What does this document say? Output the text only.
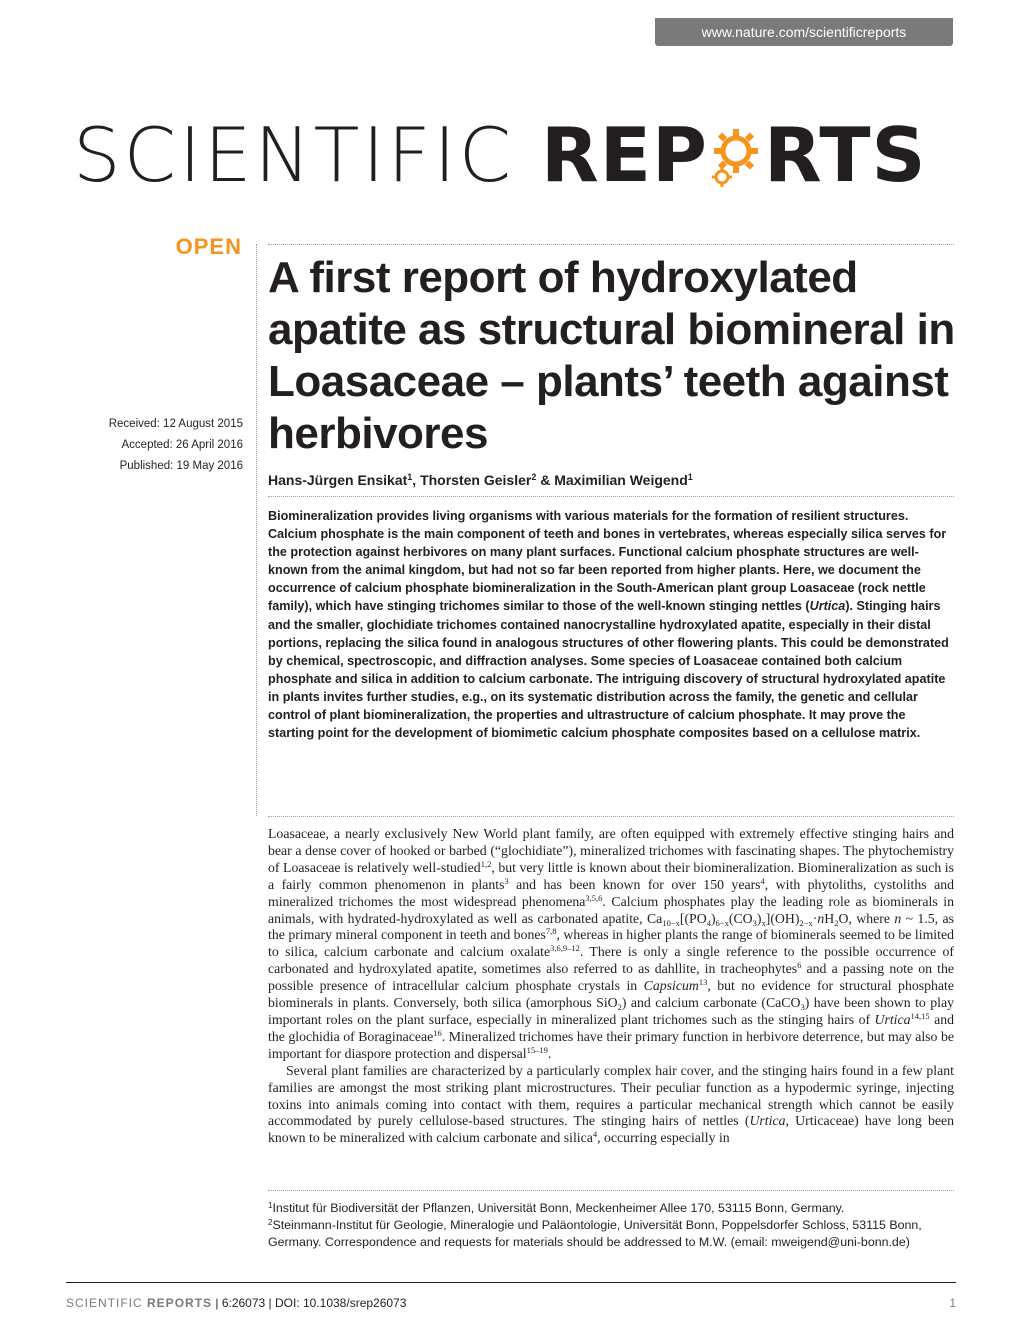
www.nature.com/scientificreports
SCIENTIFIC REP RTS
OPEN
Received: 12 August 2015
Accepted: 26 April 2016
Published: 19 May 2016
A first report of hydroxylated apatite as structural biomineral in Loasaceae – plants’ teeth against herbivores
Hans-Jürgen Ensikat$^1$, Thorsten Geisler$^2$ & Maximilian Weigend$^1$
Biomineralization provides living organisms with various materials for the formation of resilient structures. Calcium phosphate is the main component of teeth and bones in vertebrates, whereas especially silica serves for the protection against herbivores on many plant surfaces. Functional calcium phosphate structures are well-known from the animal kingdom, but had not so far been reported from higher plants. Here, we document the occurrence of calcium phosphate biomineralization in the South-American plant group Loasaceae (rock nettle family), which have stinging trichomes similar to those of the well-known stinging nettles (Urtica). Stinging hairs and the smaller, glochidiate trichomes contained nanocrystalline hydroxylated apatite, especially in their distal portions, replacing the silica found in analogous structures of other flowering plants. This could be demonstrated by chemical, spectroscopic, and diffraction analyses. Some species of Loasaceae contained both calcium phosphate and silica in addition to calcium carbonate. The intriguing discovery of structural hydroxylated apatite in plants invites further studies, e.g., on its systematic distribution across the family, the genetic and cellular control of plant biomineralization, the properties and ultrastructure of calcium phosphate. It may prove the starting point for the development of biomimetic calcium phosphate composites based on a cellulose matrix.

Loasaceae, a nearly exclusively New World plant family, are often equipped with extremely effective stinging hairs and bear a dense cover of hooked or barbed (“glochidiate”), mineralized trichomes with fascinating shapes. The phytochemistry of Loasaceae is relatively well-studied$^{1,2}$, but very little is known about their biomineralization. Biomineralization as such is a fairly common phenomenon in plants$^3$ and has been known for over 150 years$^4$, with phytoliths, cystoliths and mineralized trichomes the most widespread phenomena$^{3,5,6}$. Calcium phosphates play the leading role as biominerals in animals, with hydrated-hydroxylated as well as carbonated apatite, $Ca_{10-x}[(PO_4)_{6-x}(CO_3)_x](OH)_{2-x}\cdot nH_2O$, where n ~ 1.5, as the primary mineral component in teeth and bones$^{7,8}$, whereas in higher plants the range of biominerals seemed to be limited to silica, calcium carbonate and calcium oxalate$^{3,6,9-12}$. There is only a single reference to the possible occurrence of carbonated and hydroxylated apatite, sometimes also referred to as dahllite, in tracheophytes$^6$ and a passing note on the possible presence of intracellular calcium phosphate crystals in Capsicum$^{13}$, but no evidence for structural phosphate biominerals in plants. Conversely, both silica (amorphous SiO$_2$) and calcium carbonate (CaCO$_3$) have been shown to play important roles on the plant surface, especially in mineralized plant trichomes such as the stinging hairs of Urtica$^{14,15}$ and the glochidia of Boraginaceae$^{16}$. Mineralized trichomes have their primary function in herbivore deterrence, but may also be important for diaspore protection and dispersal$^{15-19}$.

Several plant families are characterized by a particularly complex hair cover, and the stinging hairs found in a few plant families are amongst the most striking plant microstructures. Their peculiar function as a hypodermic syringe, injecting toxins into animals coming into contact with them, requires a particular mechanical strength which cannot be easily accommodated by purely cellulose-based structures. The stinging hairs of nettles (Urtica, Urticaceae) have long been known to be mineralized with calcium carbonate and silica$^4$, occurring especially in

$^1$Institut für Biodiversität der Pflanzen, Universität Bonn, Meckenheimer Allee 170, 53115 Bonn, Germany.
$^2$Steinmann-Institut für Geologie, Mineralogie und Paläontologie, Universität Bonn, Poppelsdorfer Schloss, 53115 Bonn, Germany. Correspondence and requests for materials should be addressed to M.W. (email: mweigend@uni-bonn.de)
SCIENTIFIC REPORTS | 6:26073 | DOI: 10.1038/srep26073	1
